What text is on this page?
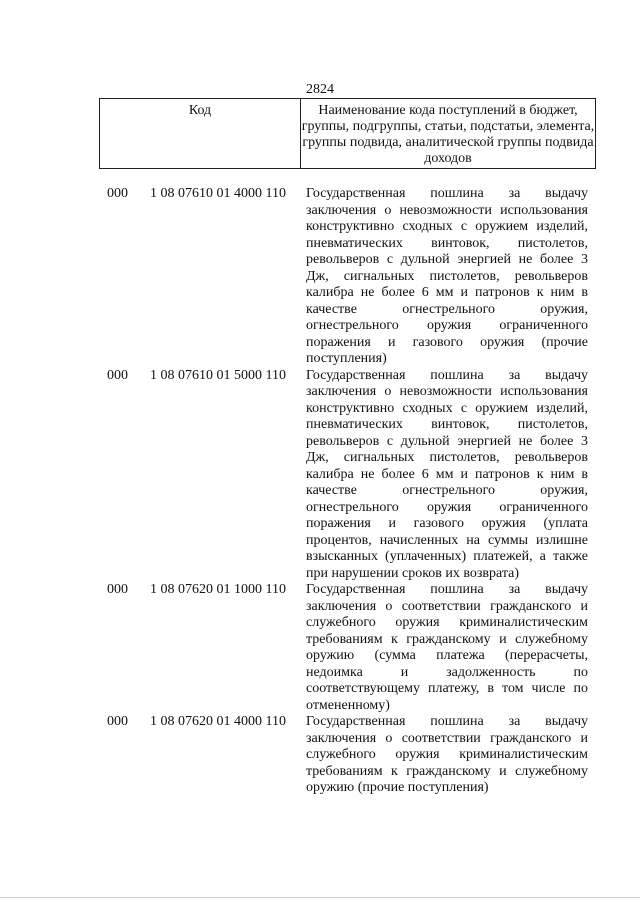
2824
Код	Наименование кода поступлений в бюджет, группы, подгруппы, статьи, подстатьи, элемента, группы подвида, аналитической группы подвида доходов
000 1 08 07610 01 4000 110 Государственная пошлина за выдачу заключения о невозможности использования конструктивно сходных с оружием изделий, пневматических винтовок, пистолетов, револьверов с дульной энергией не более 3 Дж, сигнальных пистолетов, револьверов калибра не более 6 мм и патронов к ним в качестве огнестрельного оружия, огнестрельного оружия ограниченного поражения и газового оружия (прочие поступления)
000 1 08 07610 01 5000 110 Государственная пошлина за выдачу заключения о невозможности использования конструктивно сходных с оружием изделий, пневматических винтовок, пистолетов, револьверов с дульной энергией не более 3 Дж, сигнальных пистолетов, револьверов калибра не более 6 мм и патронов к ним в качестве огнестрельного оружия, огнестрельного оружия ограниченного поражения и газового оружия (уплата процентов, начисленных на суммы излишне взысканных (уплаченных) платежей, а также при нарушении сроков их возврата)
000 1 08 07620 01 1000 110 Государственная пошлина за выдачу заключения о соответствии гражданского и служебного оружия криминалистическим требованиям к гражданскому и служебному оружию (сумма платежа (перерасчеты, недоимка и задолженность по соответствующему платежу, в том числе по отмененному)
000 1 08 07620 01 4000 110 Государственная пошлина за выдачу заключения о соответствии гражданского и служебного оружия криминалистическим требованиям к гражданскому и служебному оружию (прочие поступления)
